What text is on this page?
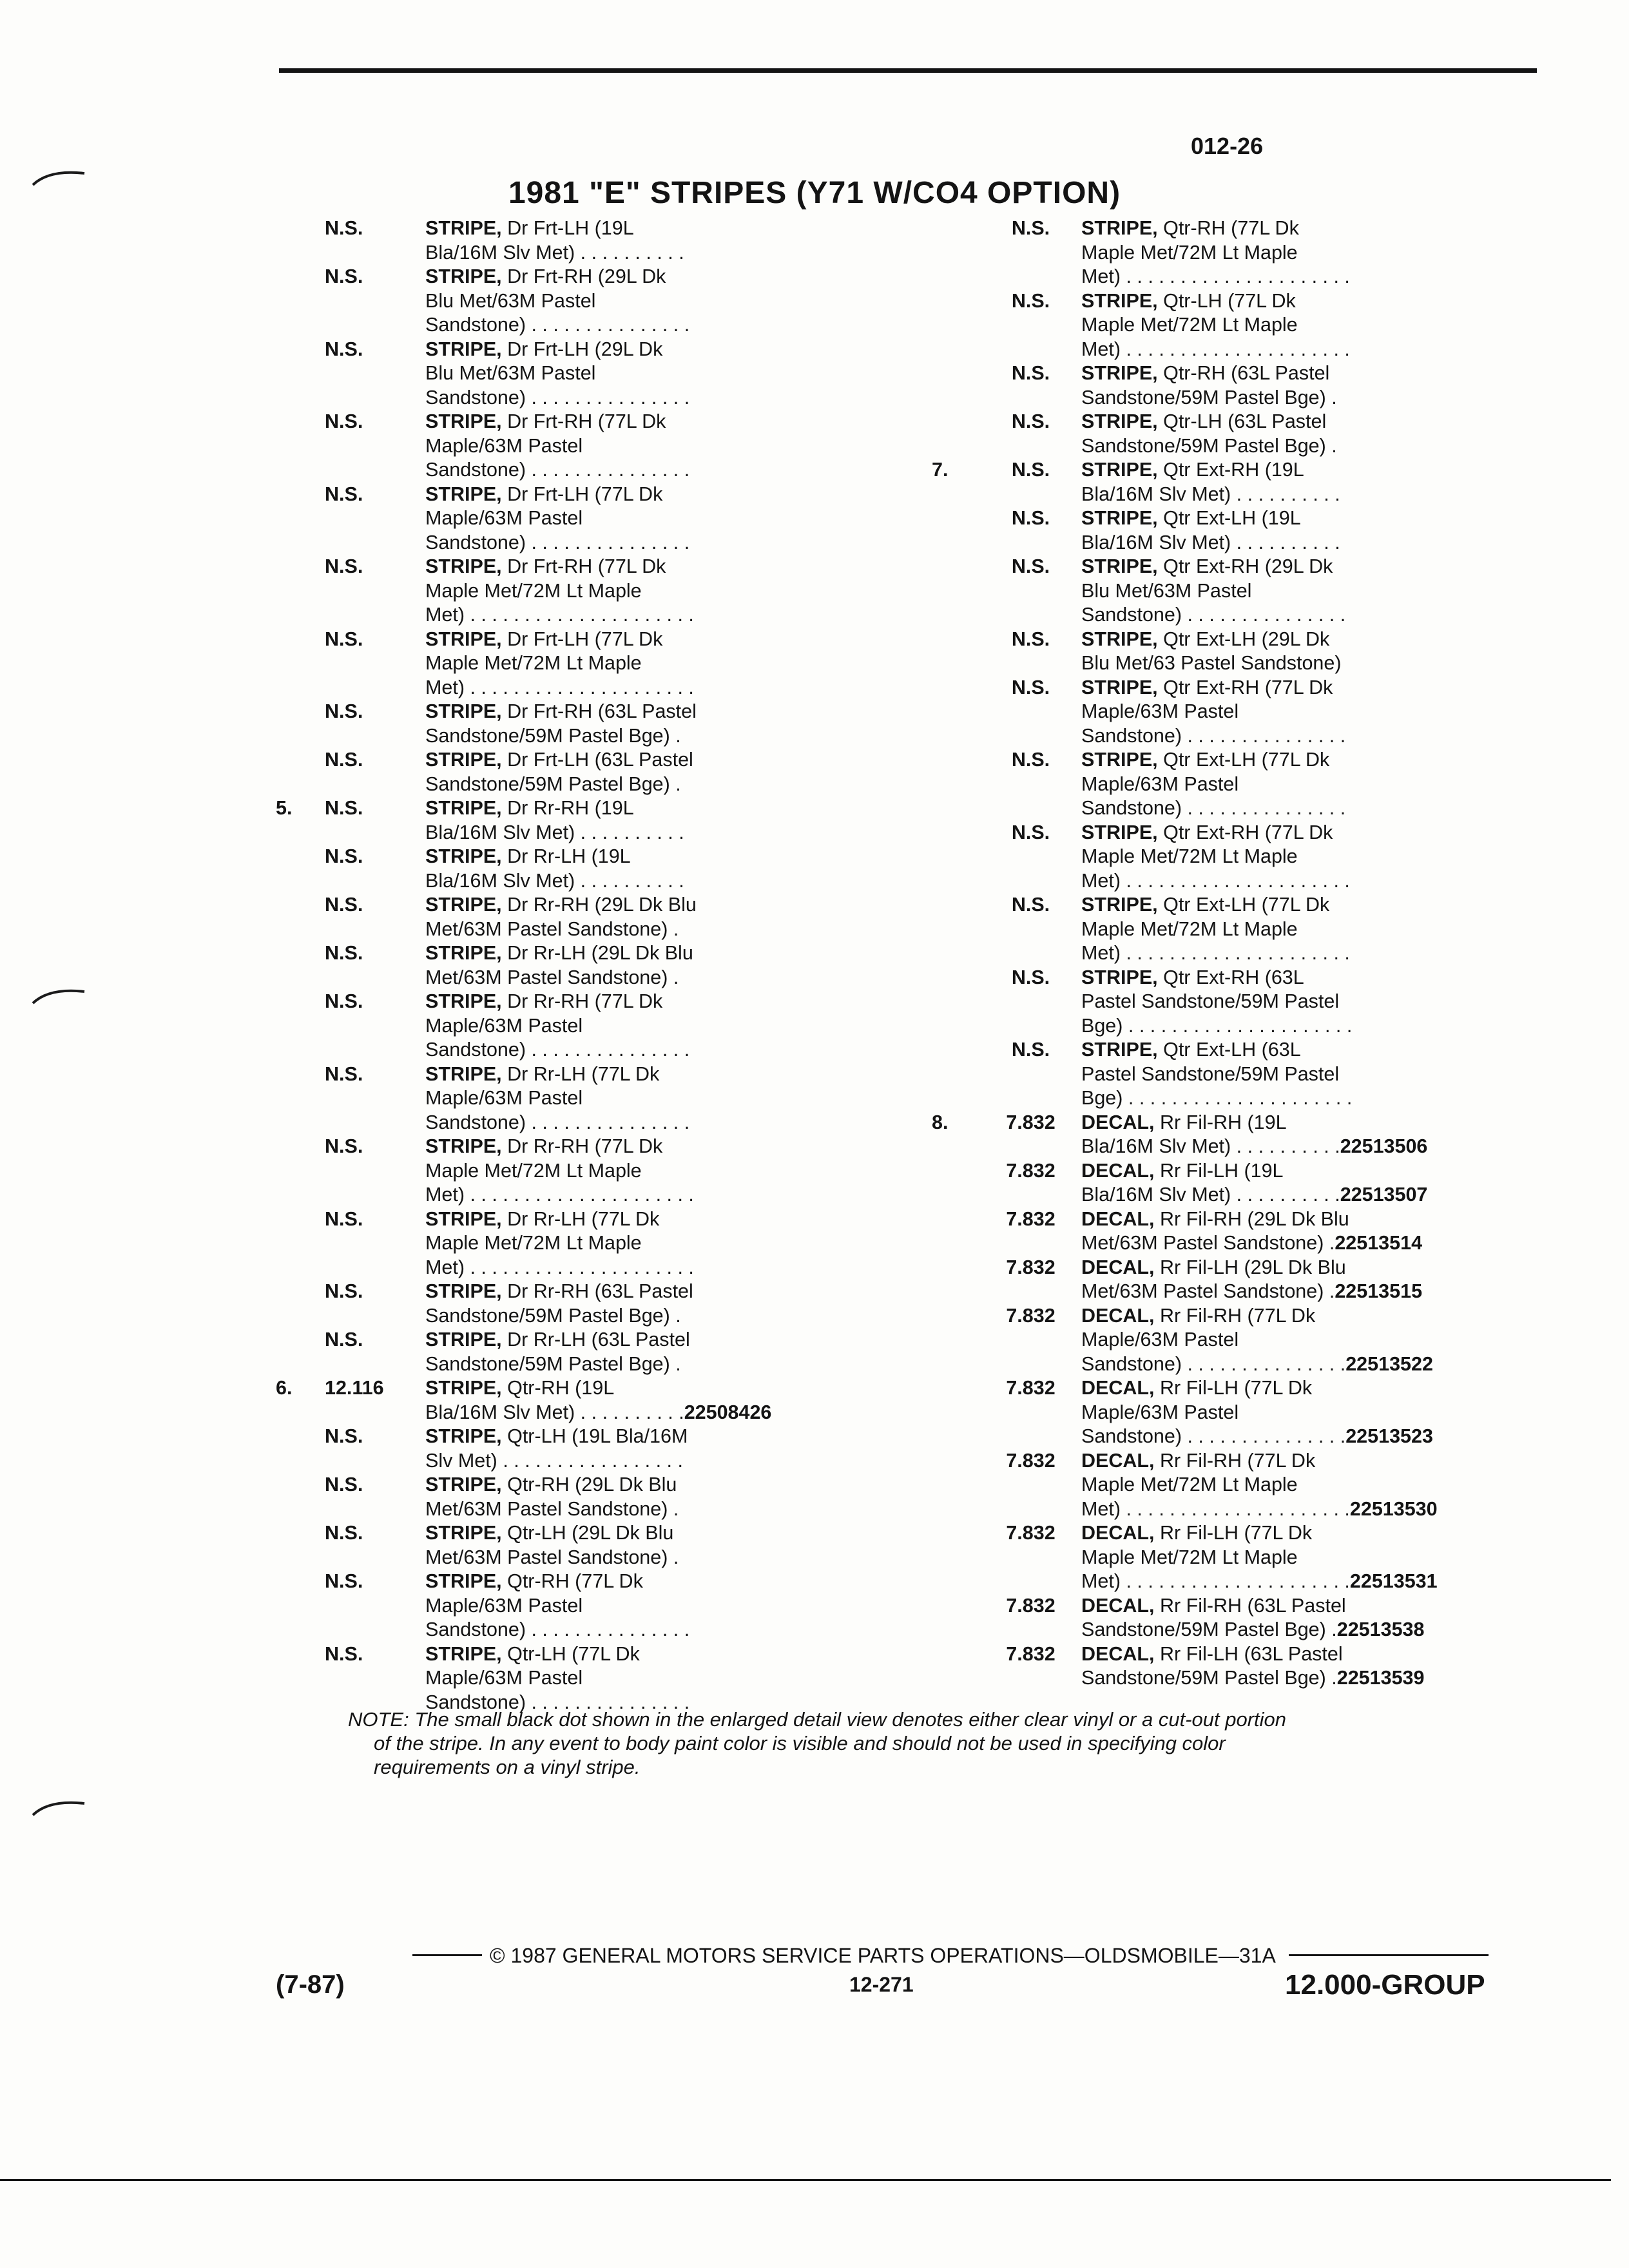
012-26
1981 "E" STRIPES (Y71 W/CO4 OPTION)
N.S.	STRIPE, Dr Frt-LH (19L
Bla/16M Slv Met) . . . . . . . . . .
N.S.	STRIPE, Dr Frt-RH (29L Dk
Blu Met/63M Pastel
Sandstone) . . . . . . . . . . . . . . .
N.S.	STRIPE, Dr Frt-LH (29L Dk
Blu Met/63M Pastel
Sandstone) . . . . . . . . . . . . . . .
N.S.	STRIPE, Dr Frt-RH (77L Dk
Maple/63M Pastel
Sandstone) . . . . . . . . . . . . . . .
N.S.	STRIPE, Dr Frt-LH (77L Dk
Maple/63M Pastel
Sandstone) . . . . . . . . . . . . . . .
N.S.	STRIPE, Dr Frt-RH (77L Dk
Maple Met/72M Lt Maple
Met) . . . . . . . . . . . . . . . . . . . . .
N.S.	STRIPE, Dr Frt-LH (77L Dk
Maple Met/72M Lt Maple
Met) . . . . . . . . . . . . . . . . . . . . .
N.S.	STRIPE, Dr Frt-RH (63L Pastel
Sandstone/59M Pastel Bge) .
N.S.	STRIPE, Dr Frt-LH (63L Pastel
Sandstone/59M Pastel Bge) .
5.	N.S.	STRIPE, Dr Rr-RH (19L
Bla/16M Slv Met) . . . . . . . . . .
N.S.	STRIPE, Dr Rr-LH (19L
Bla/16M Slv Met) . . . . . . . . . .
N.S.	STRIPE, Dr Rr-RH (29L Dk Blu
Met/63M Pastel Sandstone) .
N.S.	STRIPE, Dr Rr-LH (29L Dk Blu
Met/63M Pastel Sandstone) .
N.S.	STRIPE, Dr Rr-RH (77L Dk
Maple/63M Pastel
Sandstone) . . . . . . . . . . . . . . .
N.S.	STRIPE, Dr Rr-LH (77L Dk
Maple/63M Pastel
Sandstone) . . . . . . . . . . . . . . .
N.S.	STRIPE, Dr Rr-RH (77L Dk
Maple Met/72M Lt Maple
Met) . . . . . . . . . . . . . . . . . . . . .
N.S.	STRIPE, Dr Rr-LH (77L Dk
Maple Met/72M Lt Maple
Met) . . . . . . . . . . . . . . . . . . . . .
N.S.	STRIPE, Dr Rr-RH (63L Pastel
Sandstone/59M Pastel Bge) .
N.S.	STRIPE, Dr Rr-LH (63L Pastel
Sandstone/59M Pastel Bge) .
6.	12.116	STRIPE, Qtr-RH (19L
Bla/16M Slv Met) . . . . . . . . . .22508426
N.S.	STRIPE, Qtr-LH (19L Bla/16M
Slv Met) . . . . . . . . . . . . . . . . .
N.S.	STRIPE, Qtr-RH (29L Dk Blu
Met/63M Pastel Sandstone) .
N.S.	STRIPE, Qtr-LH (29L Dk Blu
Met/63M Pastel Sandstone) .
N.S.	STRIPE, Qtr-RH (77L Dk
Maple/63M Pastel
Sandstone) . . . . . . . . . . . . . . .
N.S.	STRIPE, Qtr-LH (77L Dk
Maple/63M Pastel
Sandstone) . . . . . . . . . . . . . . .
N.S.	STRIPE, Qtr-RH (77L Dk
Maple Met/72M Lt Maple
Met) . . . . . . . . . . . . . . . . . . . . .
N.S.	STRIPE, Qtr-LH (77L Dk
Maple Met/72M Lt Maple
Met) . . . . . . . . . . . . . . . . . . . . .
N.S.	STRIPE, Qtr-RH (63L Pastel
Sandstone/59M Pastel Bge) .
N.S.	STRIPE, Qtr-LH (63L Pastel
Sandstone/59M Pastel Bge) .
7.	N.S.	STRIPE, Qtr Ext-RH (19L
Bla/16M Slv Met) . . . . . . . . . .
N.S.	STRIPE, Qtr Ext-LH (19L
Bla/16M Slv Met) . . . . . . . . . .
N.S.	STRIPE, Qtr Ext-RH (29L Dk
Blu Met/63M Pastel
Sandstone) . . . . . . . . . . . . . . .
N.S.	STRIPE, Qtr Ext-LH (29L Dk
Blu Met/63 Pastel Sandstone)
N.S.	STRIPE, Qtr Ext-RH (77L Dk
Maple/63M Pastel
Sandstone) . . . . . . . . . . . . . . .
N.S.	STRIPE, Qtr Ext-LH (77L Dk
Maple/63M Pastel
Sandstone) . . . . . . . . . . . . . . .
N.S.	STRIPE, Qtr Ext-RH (77L Dk
Maple Met/72M Lt Maple
Met) . . . . . . . . . . . . . . . . . . . . .
N.S.	STRIPE, Qtr Ext-LH (77L Dk
Maple Met/72M Lt Maple
Met) . . . . . . . . . . . . . . . . . . . . .
N.S.	STRIPE, Qtr Ext-RH (63L
Pastel Sandstone/59M Pastel
Bge) . . . . . . . . . . . . . . . . . . . . .
N.S.	STRIPE, Qtr Ext-LH (63L
Pastel Sandstone/59M Pastel
Bge) . . . . . . . . . . . . . . . . . . . . .
8.	7.832	DECAL, Rr Fil-RH (19L
Bla/16M Slv Met) . . . . . . . . . .22513506
7.832	DECAL, Rr Fil-LH (19L
Bla/16M Slv Met) . . . . . . . . . .22513507
7.832	DECAL, Rr Fil-RH (29L Dk Blu
Met/63M Pastel Sandstone) .22513514
7.832	DECAL, Rr Fil-LH (29L Dk Blu
Met/63M Pastel Sandstone) .22513515
7.832	DECAL, Rr Fil-RH (77L Dk
Maple/63M Pastel
Sandstone) . . . . . . . . . . . . . . .22513522
7.832	DECAL, Rr Fil-LH (77L Dk
Maple/63M Pastel
Sandstone) . . . . . . . . . . . . . . .22513523
7.832	DECAL, Rr Fil-RH (77L Dk
Maple Met/72M Lt Maple
Met) . . . . . . . . . . . . . . . . . . . . .22513530
7.832	DECAL, Rr Fil-LH (77L Dk
Maple Met/72M Lt Maple
Met) . . . . . . . . . . . . . . . . . . . . .22513531
7.832	DECAL, Rr Fil-RH (63L Pastel
Sandstone/59M Pastel Bge) .22513538
7.832	DECAL, Rr Fil-LH (63L Pastel
Sandstone/59M Pastel Bge) .22513539
NOTE: The small black dot shown in the enlarged detail view denotes either clear vinyl or a cut-out portion

of the stripe. In any event to body paint color is visible and should not be used in specifying color
requirements on a vinyl stripe.
© 1987 GENERAL MOTORS SERVICE PARTS OPERATIONS—OLDSMOBILE—31A
(7-87)	12-271	12.000-GROUP
